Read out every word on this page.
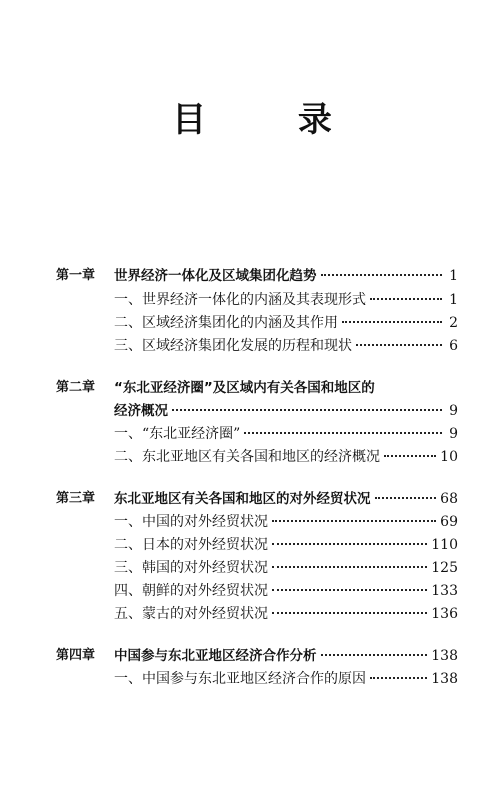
目 录
第一章 世界经济一体化及区域集团化趋势	1
一、世界经济一体化的内涵及其表现形式	1
二、区域经济集团化的内涵及其作用	2
三、区域经济集团化发展的历程和现状	6
第二章 “东北亚经济圈”及区域内有关各国和地区的
经济概况	9
一、“东北亚经济圈”	9
二、东北亚地区有关各国和地区的经济概况	10
第三章 东北亚地区有关各国和地区的对外经贸状况	68
一、中国的对外经贸状况	69
二、日本的对外经贸状况	110
三、韩国的对外经贸状况	125
四、朝鲜的对外经贸状况	133
五、蒙古的对外经贸状况	136
第四章 中国参与东北亚地区经济合作分析	138
一、中国参与东北亚地区经济合作的原因	138
